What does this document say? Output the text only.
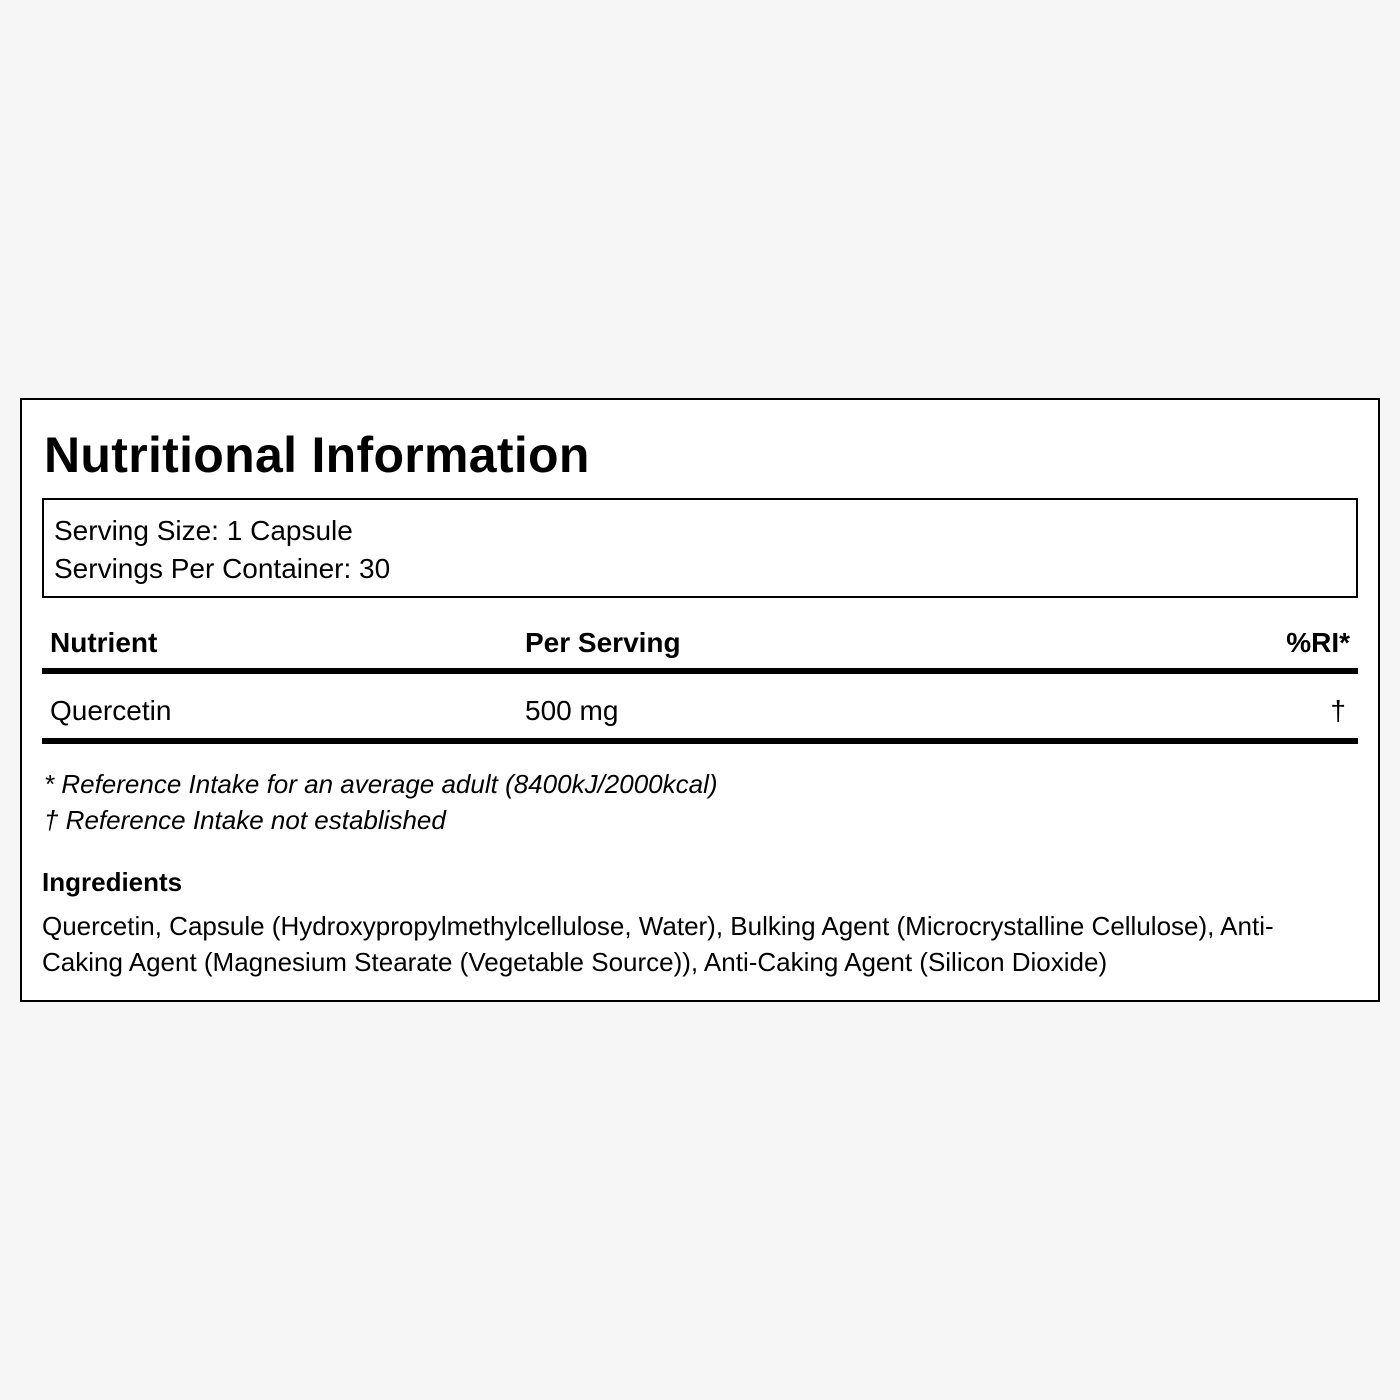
Nutritional Information
Serving Size: 1 Capsule
Servings Per Container: 30
Nutrient	Per Serving	%RI*
Quercetin	500 mg	†
* Reference Intake for an average adult (8400kJ/2000kcal)
† Reference Intake not established
Ingredients

Quercetin, Capsule (Hydroxypropylmethylcellulose, Water), Bulking Agent (Microcrystalline Cellulose), Anti-Caking Agent (Magnesium Stearate (Vegetable Source)), Anti-Caking Agent (Silicon Dioxide)
